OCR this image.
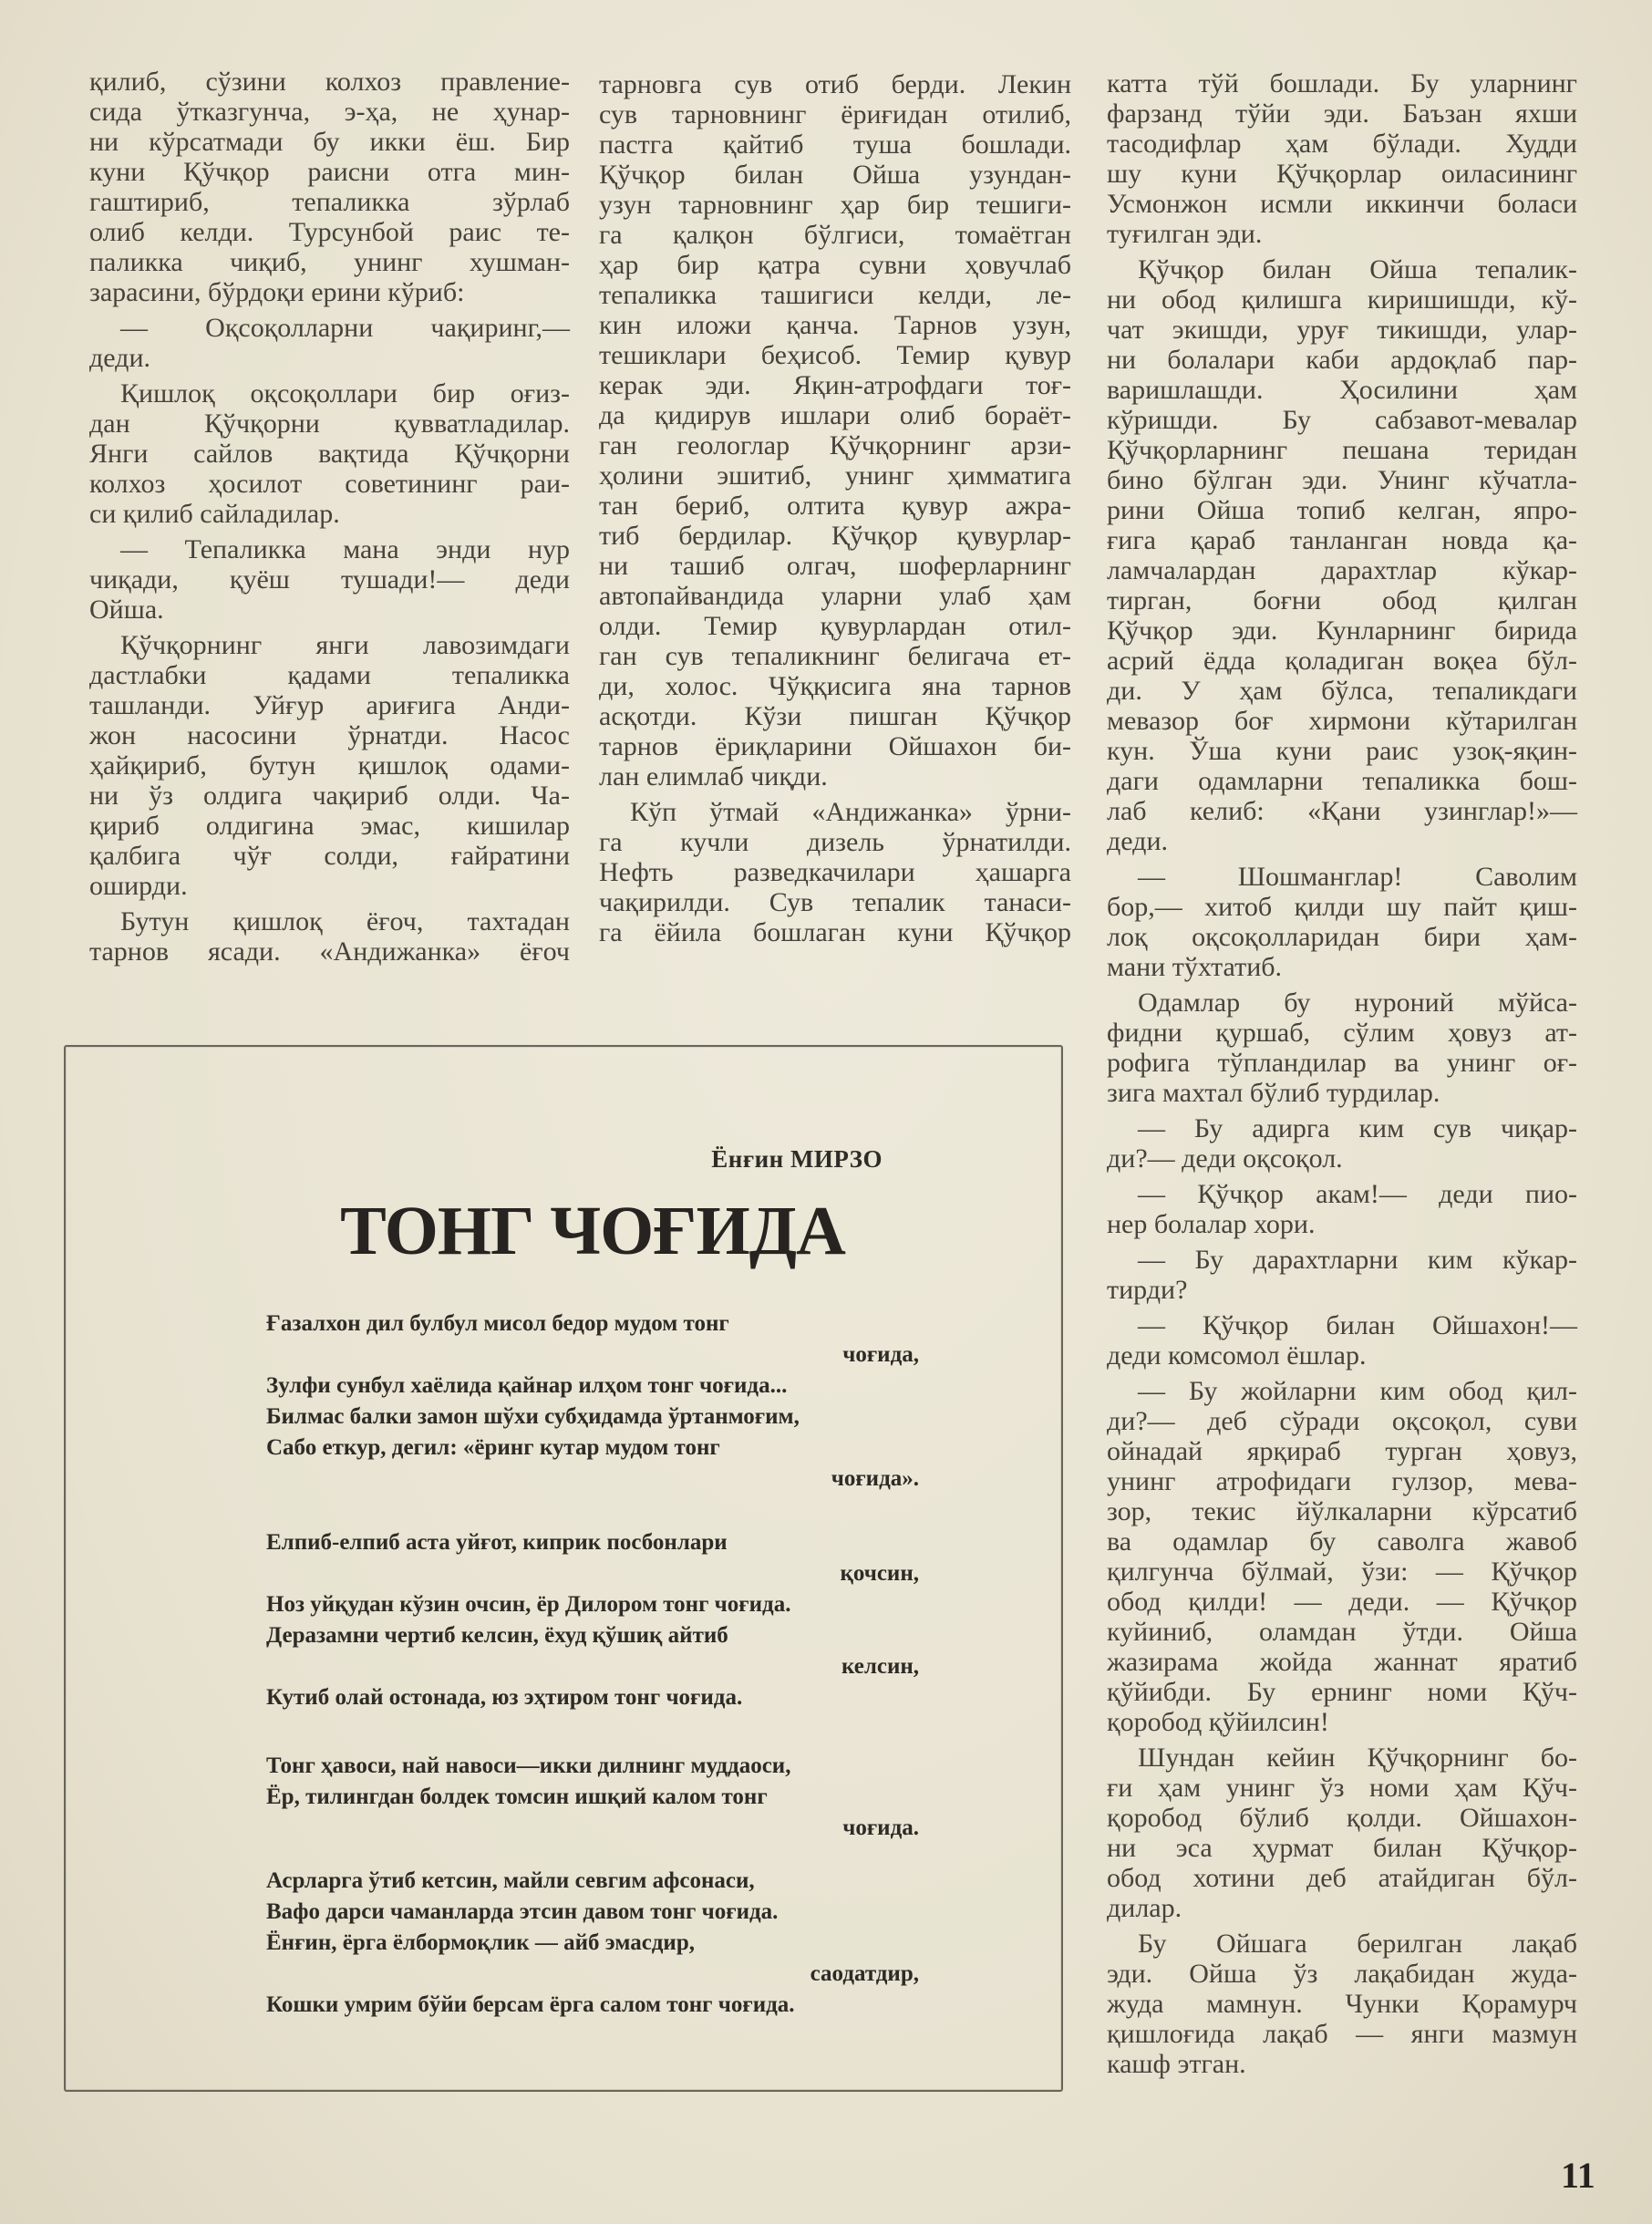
қилиб, сўзини колхоз правление-
сида ўтказгунча, э-ҳа, не ҳунар-
ни кўрсатмади бу икки ёш. Бир
куни Қўчқор раисни отга мин-
гаштириб, тепаликка зўрлаб
олиб келди. Турсунбой раис те-
паликка чиқиб, унинг хушман-
зарасини, бўрдоқи ерини кўриб:
— Оқсоқолларни чақиринг,—
деди.
Қишлоқ оқсоқоллари бир оғиз-
дан Қўчқорни қувватладилар.
Янги сайлов вақтида Қўчқорни
колхоз ҳосилот советининг раи-
си қилиб сайладилар.
— Тепаликка мана энди нур
чиқади, қуёш тушади!— деди
Ойша.
Қўчқорнинг янги лавозимдаги
дастлабки қадами тепаликка
ташланди. Уйғур ариғига Анди-
жон насосини ўрнатди. Насос
ҳайқириб, бутун қишлоқ одами-
ни ўз олдига чақириб олди. Ча-
қириб олдигина эмас, кишилар
қалбига чўғ солди, ғайратини
оширди.
Бутун қишлоқ ёғоч, тахтадан
тарнов ясади. «Андижанка» ёғоч
тарновга сув отиб берди. Лекин
сув тарновнинг ёриғидан отилиб,
пастга қайтиб туша бошлади.
Қўчқор билан Ойша узундан-
узун тарновнинг ҳар бир тешиги-
га қалқон бўлгиси, томаётган
ҳар бир қатра сувни ҳовучлаб
тепаликка ташигиси келди, ле-
кин иложи қанча. Тарнов узун,
тешиклари беҳисоб. Темир қувур
керак эди. Яқин-атрофдаги тоғ-
да қидирув ишлари олиб бораёт-
ган геологлар Қўчқорнинг арзи-
ҳолини эшитиб, унинг ҳимматига
тан бериб, олтита қувур ажра-
тиб бердилар. Қўчқор қувурлар-
ни ташиб олгач, шоферларнинг
автопайвандида уларни улаб ҳам
олди. Темир қувурлардан отил-
ган сув тепаликнинг белигача ет-
ди, холос. Чўққисига яна тарнов
асқотди. Кўзи пишган Қўчқор
тарнов ёриқларини Ойшахон би-
лан елимлаб чиқди.
Кўп ўтмай «Андижанка» ўрни-
га кучли дизель ўрнатилди.
Нефть разведкачилари ҳашарга
чақирилди. Сув тепалик танаси-
га ёйила бошлаган куни Қўчқор
катта тўй бошлади. Бу уларнинг
фарзанд тўйи эди. Баъзан яхши
тасодифлар ҳам бўлади. Худди
шу куни Қўчқорлар оиласининг
Усмонжон исмли иккинчи боласи
туғилган эди.
Қўчқор билан Ойша тепалик-
ни обод қилишга киришишди, кў-
чат экишди, уруғ тикишди, улар-
ни болалари каби ардоқлаб пар-
варишлашди. Ҳосилини ҳам
кўришди. Бу сабзавот-мевалар
Қўчқорларнинг пешана теридан
бино бўлган эди. Унинг кўчатла-
рини Ойша топиб келган, япро-
ғига қараб танланган новда қа-
ламчалардан дарахтлар кўкар-
тирган, боғни обод қилган
Қўчқор эди. Кунларнинг бирида
асрий ёдда қоладиган воқеа бўл-
ди. У ҳам бўлса, тепаликдаги
мевазор боғ хирмони кўтарилган
кун. Ўша куни раис узоқ-яқин-
даги одамларни тепаликка бош-
лаб келиб: «Қани узинглар!»—
деди.
— Шошманглар! Саволим
бор,— хитоб қилди шу пайт қиш-
лоқ оқсоқолларидан бири ҳам-
мани тўхтатиб.
Одамлар бу нуроний мўйса-
фидни қуршаб, сўлим ҳовуз ат-
рофига тўпландилар ва унинг оғ-
зига махтал бўлиб турдилар.
— Бу адирга ким сув чиқар-
ди?— деди оқсоқол.
— Қўчқор акам!— деди пио-
нер болалар хори.
— Бу дарахтларни ким кўкар-
тирди?
— Қўчқор билан Ойшахон!—
деди комсомол ёшлар.
— Бу жойларни ким обод қил-
ди?— деб сўради оқсоқол, суви
ойнадай ярқираб турган ҳовуз,
унинг атрофидаги гулзор, мева-
зор, текис йўлкаларни кўрсатиб
ва одамлар бу саволга жавоб
қилгунча бўлмай, ўзи: — Қўчқор
обод қилди! — деди. — Қўчқор
куйиниб, оламдан ўтди. Ойша
жазирама жойда жаннат яратиб
қўйибди. Бу ернинг номи Қўч-
қоробод қўйилсин!
Шундан кейин Қўчқорнинг бо-
ғи ҳам унинг ўз номи ҳам Қўч-
қоробод бўлиб қолди. Ойшахон-
ни эса ҳурмат билан Қўчқор-
обод хотини деб атайдиган бўл-
дилар.
Бу Ойшага берилган лақаб
эди. Ойша ўз лақабидан жуда-
жуда мамнун. Чунки Қорамурч
қишлоғида лақаб — янги мазмун
кашф этган.
Ёнғин МИРЗО
ТОНГ ЧОҒИДА
Ғазалхон дил булбул мисол бедор мудом тонг
чоғида,
Зулфи сунбул хаёлида қайнар илҳом тонг чоғида...
Билмас балки замон шўхи субҳидамда ўртанмоғим,
Сабо еткур, дегил: «ёринг кутар мудом тонг
чоғида».
Елпиб-елпиб аста уйғот, киприк посбонлари
қочсин,
Ноз уйқудан кўзин очсин, ёр Дилором тонг чоғида.
Деразамни чертиб келсин, ёхуд қўшиқ айтиб
келсин,
Кутиб олай остонада, юз эҳтиром тонг чоғида.
Тонг ҳавоси, най навоси—икки дилнинг муддаоси,
Ёр, тилингдан болдек томсин ишқий калом тонг
чоғида.
Асрларга ўтиб кетсин, майли севгим афсонаси,
Вафо дарси чаманларда этсин давом тонг чоғида.
Ёнғин, ёрга ёлбормоқлик — айб эмасдир,
саодатдир,
Кошки умрим бўйи берсам ёрга салом тонг чоғида.
11
